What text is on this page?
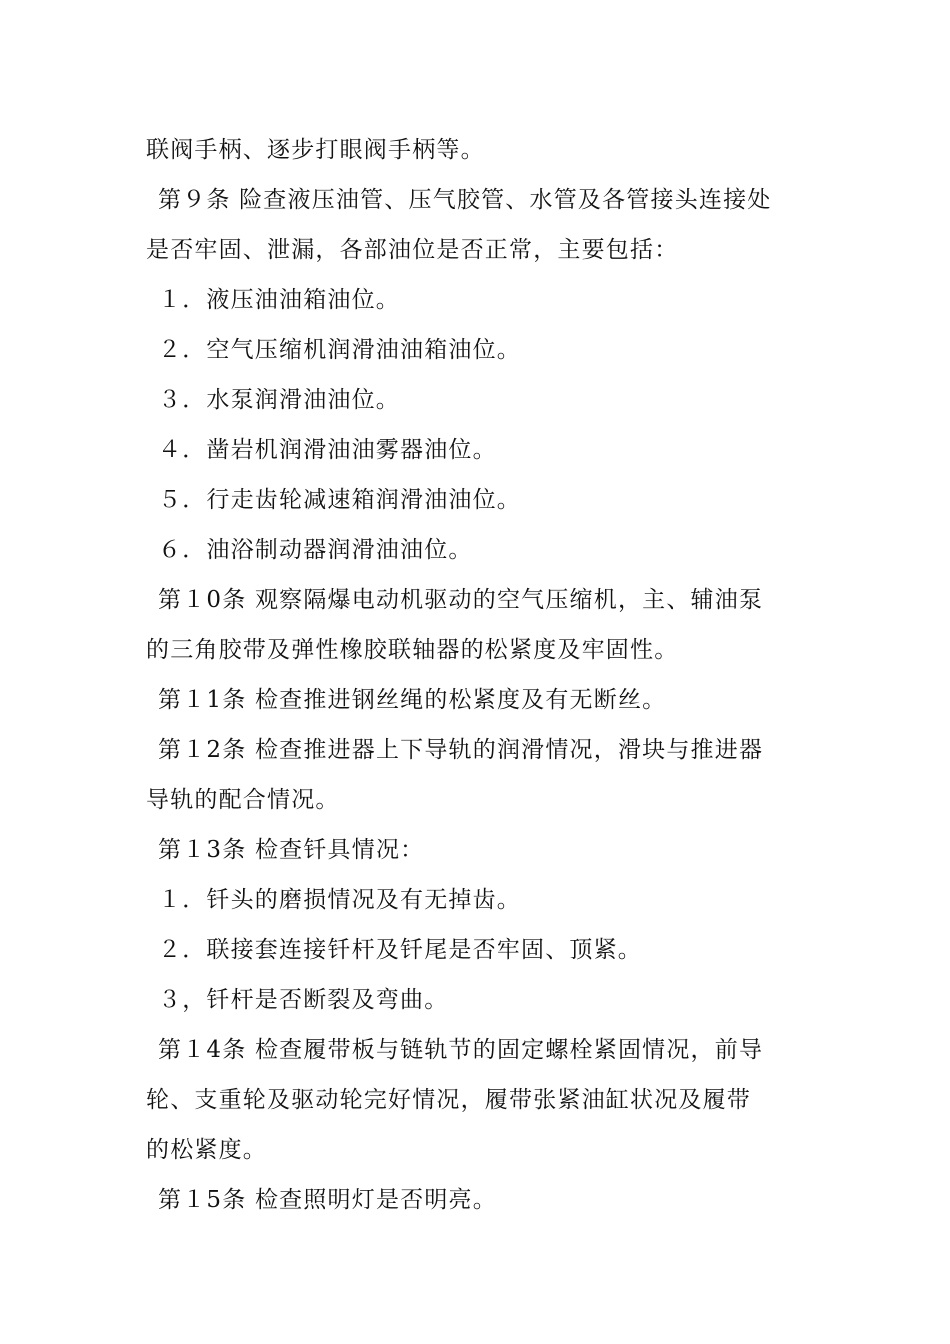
联阀手柄、逐步打眼阀手柄等。
第９条 险查液压油管、压气胶管、水管及各管接头连接处
是否牢固、泄漏，各部油位是否正常，主要包括：
１．液压油油箱油位。
２．空气压缩机润滑油油箱油位。
３．水泵润滑油油位。
４．凿岩机润滑油油雾器油位。
５．行走齿轮减速箱润滑油油位。
６．油浴制动器润滑油油位。
第１0条 观察隔爆电动机驱动的空气压缩机，主、辅油泵
的三角胶带及弹性橡胶联轴器的松紧度及牢固性。
第１1条 检查推进钢丝绳的松紧度及有无断丝。
第１2条 检查推进器上下导轨的润滑情况，滑块与推进器
导轨的配合情况。
第１3条 检查钎具情况：
１．钎头的磨损情况及有无掉齿。
２．联接套连接钎杆及钎尾是否牢固、顶紧。
３，钎杆是否断裂及弯曲。
第１4条 检查履带板与链轨节的固定螺栓紧固情况，前导
轮、支重轮及驱动轮完好情况，履带张紧油缸状况及履带
的松紧度。
第１5条 检查照明灯是否明亮。
